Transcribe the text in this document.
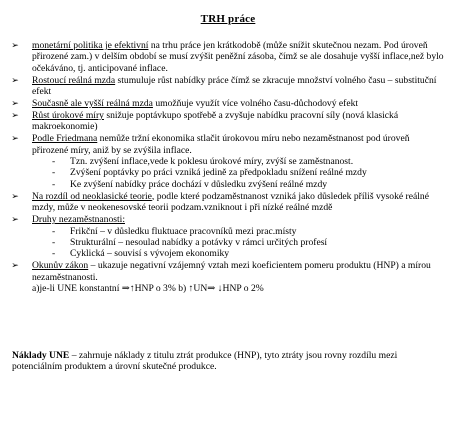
TRH práce
➢ monetární politika je efektivní na trhu práce jen krátkodobě (může snížit skutečnou nezam. Pod úroveň přirozené zam.) v delším období se musí zvýšit peněžní zásoba, čímž se ale dosahuje vyšší inflace,než bylo očekáváno, tj. anticipované inflace.
➢ Rostoucí reálná mzda stumuluje růst nabídky práce čímž se zkracuje množství volného času – substituční efekt
➢ Současně ale vyšší reálná mzda umožňuje využít více volného času-důchodový efekt
➢ Růst úrokové míry snižuje poptávkupo spotřebě a zvyšuje nabídku pracovní síly (nová klasická makroekonomie)
➢ Podle Friedmana nemůže tržní ekonomika stlačit úrokovou míru nebo nezaměstnanost pod úroveň přirozené míry, aniž by se zvýšila inflace.
- Tzn. zvýšení inflace,vede k poklesu úrokové míry, zvýší se zaměstnanost.
- Zvýšení poptávky po práci vzniká jedině za předpokladu snížení reálné mzdy
- Ke zvýšení nabídky práce dochází v důsledku zvýšení reálné mzdy
➢ Na rozdíl od neoklasické teorie, podle které podzaměstnanost vzniká jako důsledek příliš vysoké reálné mzdy, může v neokenesovské teorii podzam.vzniknout i při nízké reálné mzdě
➢ Druhy nezaměstnanosti:
- Frikční – v důsledku fluktuace pracovníků mezi prac.místy
- Strukturální – nesoulad nabídky a potávky v rámci určitých profesí
- Cyklická – souvisí s vývojem ekonomiky
➢ Okunův zákon – ukazuje negativní vzájemný vztah mezi koeficientem pomeru produktu (HNP) a mírou nezaměstnanosti.
a)je-li UNE konstantní ⇒↑HNP o 3% b) ↑UN⇒ ↓HNP o 2%
Náklady UNE – zahrnuje náklady z titulu ztrát produkce (HNP), tyto ztráty jsou rovny rozdílu mezi potenciálním produktem a úrovní skutečné produkce.
